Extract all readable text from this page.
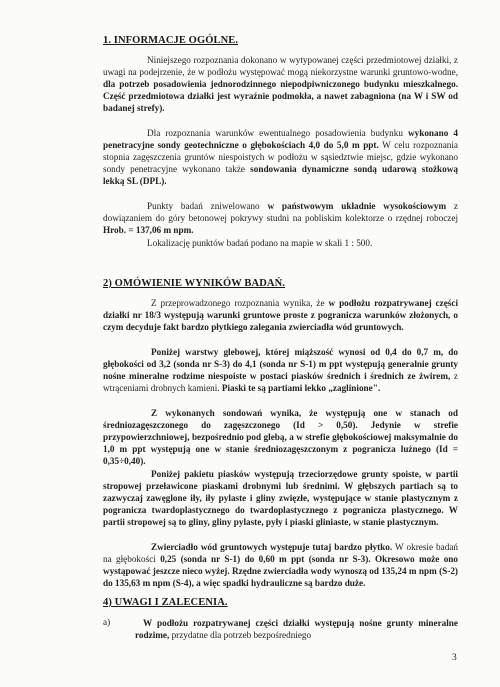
1. INFORMACJE OGÓLNE.
Niniejszego rozpoznania dokonano w wytypowanej części przedmiotowej działki, z uwagi na podejrzenie, że w podłożu występować mogą niekorzystne warunki gruntowo-wodne, dla potrzeb posadowienia jednorodzinnego niepodpiwniczonego budynku mieszkalnego. Część przedmiotowa działki jest wyraźnie podmokła, a nawet zabagniona (na W i SW od badanej strefy).
Dla rozpoznania warunków ewentualnego posadowienia budynku wykonano 4 penetracyjne sondy geotechniczne o głębokościach 4,0 do 5,0 m ppt. W celu rozpoznania stopnia zagęszczenia gruntów niespoistych w podłożu w sąsiedztwie miejsc, gdzie wykonano sondy penetracyjne wykonano także sondowania dynamiczne sondą udarową stożkową lekką SL (DPL).
Punkty badań zniwelowano w państwowym układnie wysokościowym z dowiązaniem do góry betonowej pokrywy studni na pobliskim kolektorze o rzędnej roboczej Hrob. = 137,06 m npm.
Lokalizację punktów badań podano na mapie w skali 1 : 500.
2) OMÓWIENIE WYNIKÓW BADAŃ.
Z przeprowadzonego rozpoznania wynika, że w podłożu rozpatrywanej części działki nr 18/3 występują warunki gruntowe proste z pogranicza warunków złożonych, o czym decyduje fakt bardzo płytkiego zalegania zwierciadła wód gruntowych.
Poniżej warstwy glebowej, której miąższość wynosi od 0,4 do 0,7 m, do głębokości od 3,2 (sonda nr S-3) do 4,1 (sonda nr S-1) m ppt występują generalnie grunty nośne mineralne rodzime niespoiste w postaci piasków średnich i średnich ze żwirem, z wtrąceniami drobnych kamieni. Piaski te są partiami lekko „zaglinione".
Z wykonanych sondowań wynika, że występują one w stanach od średniozagęszczonego do zagęszczonego (Id > 0,50). Jedynie w strefie przypowierzchniowej, bezpośrednio pod glebą, a w strefie głębokościowej maksymalnie do 1,0 m ppt występują one w stanie średniozagęszczonym z pogranicza luźnego (Id = 0,35÷0,40).
Poniżej pakietu piasków występują trzeciorzędowe grunty spoiste, w partii stropowej przeławicone piaskami drobnymi lub średnimi. W głębszych partiach są to zazwyczaj zawęglone iły, iły pylaste i gliny zwięzłe, występujące w stanie plastycznym z pogranicza twardoplastycznego do twardoplastycznego z pogranicza plastycznego. W partii stropowej są to gliny, gliny pylaste, pyły i piaski gliniaste, w stanie plastycznym.
Zwierciadło wód gruntowych występuje tutaj bardzo płytko. W okresie badań na głębokości 0,25 (sonda nr S-1) do 0,60 m ppt (sonda nr S-3). Okresowo może ono wystąpować jeszcze nieco wyżej. Rzędne zwierciadła wody wynoszą od 135,24 m npm (S-2) do 135,63 m npm (S-4), a więc spadki hydrauliczne są bardzo duże.
4) UWAGI I ZALECENIA.
a)	W podłożu rozpatrywanej części działki występują nośne grunty mineralne rodzime, przydatne dla potrzeb bezpośredniego
3
